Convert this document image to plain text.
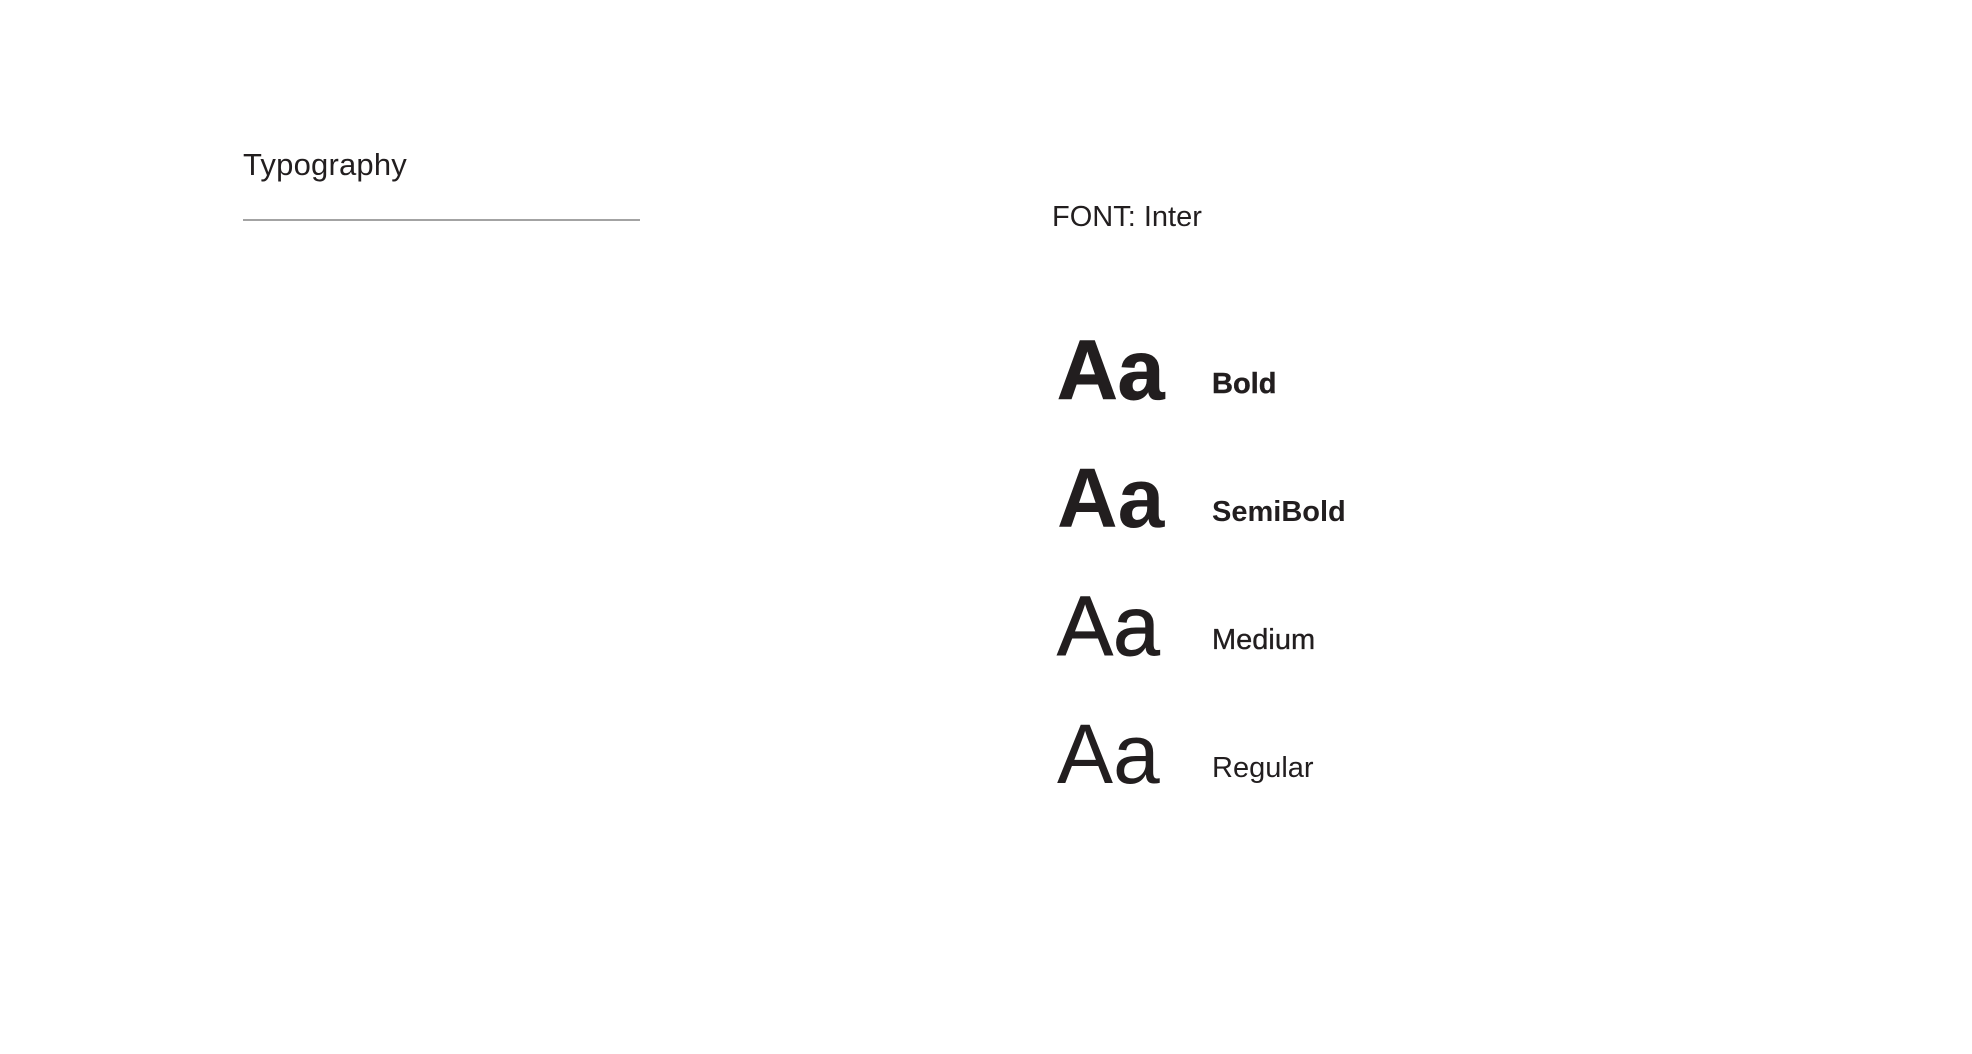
Typography
FONT: Inter
Aa	Bold
Aa	SemiBold
Aa	Medium
Aa	Regular
